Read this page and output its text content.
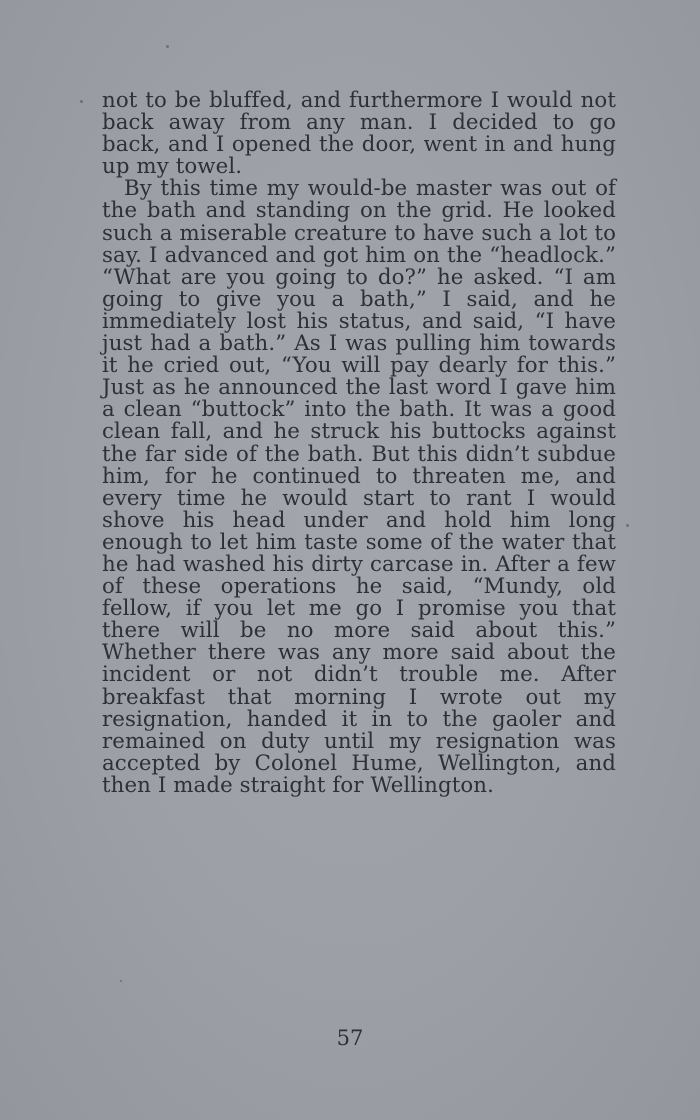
not to be bluffed, and furthermore I would not back away from any man. I decided to go back, and I opened the door, went in and hung up my towel.

By this time my would-be master was out of the bath and standing on the grid. He looked such a miserable creature to have such a lot to say. I advanced and got him on the “headlock.” “What are you going to do?” he asked. “I am going to give you a bath,” I said, and he immediately lost his status, and said, “I have just had a bath.” As I was pulling him towards it he cried out, “You will pay dearly for this.” Just as he announced the last word I gave him a clean “buttock” into the bath. It was a good clean fall, and he struck his buttocks against the far side of the bath. But this didn’t subdue him, for he continued to threaten me, and every time he would start to rant I would shove his head under and hold him long enough to let him taste some of the water that he had washed his dirty carcase in. After a few of these operations he said, “Mundy, old fellow, if you let me go I promise you that there will be no more said about this.” Whether there was any more said about the incident or not didn’t trouble me. After breakfast that morning I wrote out my resignation, handed it in to the gaoler and remained on duty until my resignation was accepted by Colonel Hume, Wellington, and then I made straight for Wellington.

57
